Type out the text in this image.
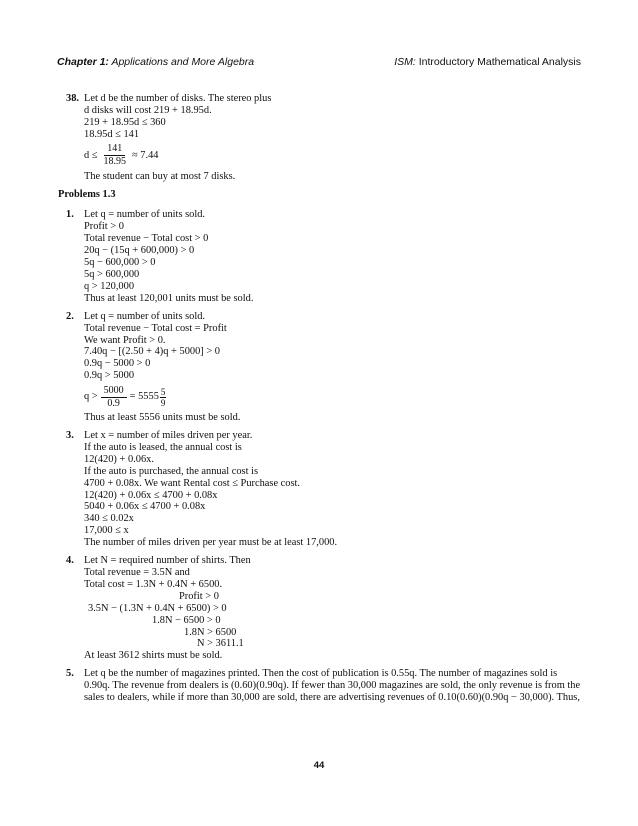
Chapter 1: Applications and More Algebra	ISM: Introductory Mathematical Analysis
38. Let d be the number of disks. The stereo plus
d disks will cost 219 + 18.95d.
219 + 18.95d ≤ 360
18.95d ≤ 141
$d \le \frac{141}{18.95} \approx 7.44$
The student can buy at most 7 disks.
Problems 1.3
1. Let q = number of units sold.
Profit > 0
Total revenue − Total cost > 0
20q − (15q + 600,000) > 0
5q − 600,000 > 0
5q > 600,000
q > 120,000
Thus at least 120,001 units must be sold.
2. Let q = number of units sold.
Total revenue − Total cost = Profit
We want Profit > 0.
7.40q − [(2.50 + 4)q + 5000] > 0
0.9q − 5000 > 0
0.9q > 5000
$q > \frac{5000}{0.9} = 5555 \frac{5}{9}$
Thus at least 5556 units must be sold.
3. Let x = number of miles driven per year.
If the auto is leased, the annual cost is
12(420) + 0.06x.
If the auto is purchased, the annual cost is
4700 + 0.08x. We want Rental cost ≤ Purchase cost.
12(420) + 0.06x ≤ 4700 + 0.08x
5040 + 0.06x ≤ 4700 + 0.08x
340 ≤ 0.02x
17,000 ≤ x
The number of miles driven per year must be at least 17,000.
4. Let N = required number of shirts. Then
Total revenue = 3.5N and
Total cost = 1.3N + 0.4N + 6500.
Profit > 0
3.5N − (1.3N + 0.4N + 6500) > 0
1.8N − 6500 > 0
1.8N > 6500
N > 3611.1
At least 3612 shirts must be sold.
5. Let q be the number of magazines printed. Then the cost of publication is 0.55q. The number of magazines sold is 0.90q. The revenue from dealers is (0.60)(0.90q). If fewer than 30,000 magazines are sold, the only revenue is from the sales to dealers, while if more than 30,000 are sold, there are advertising revenues of 0.10(0.60)(0.90q − 30,000). Thus,
44
